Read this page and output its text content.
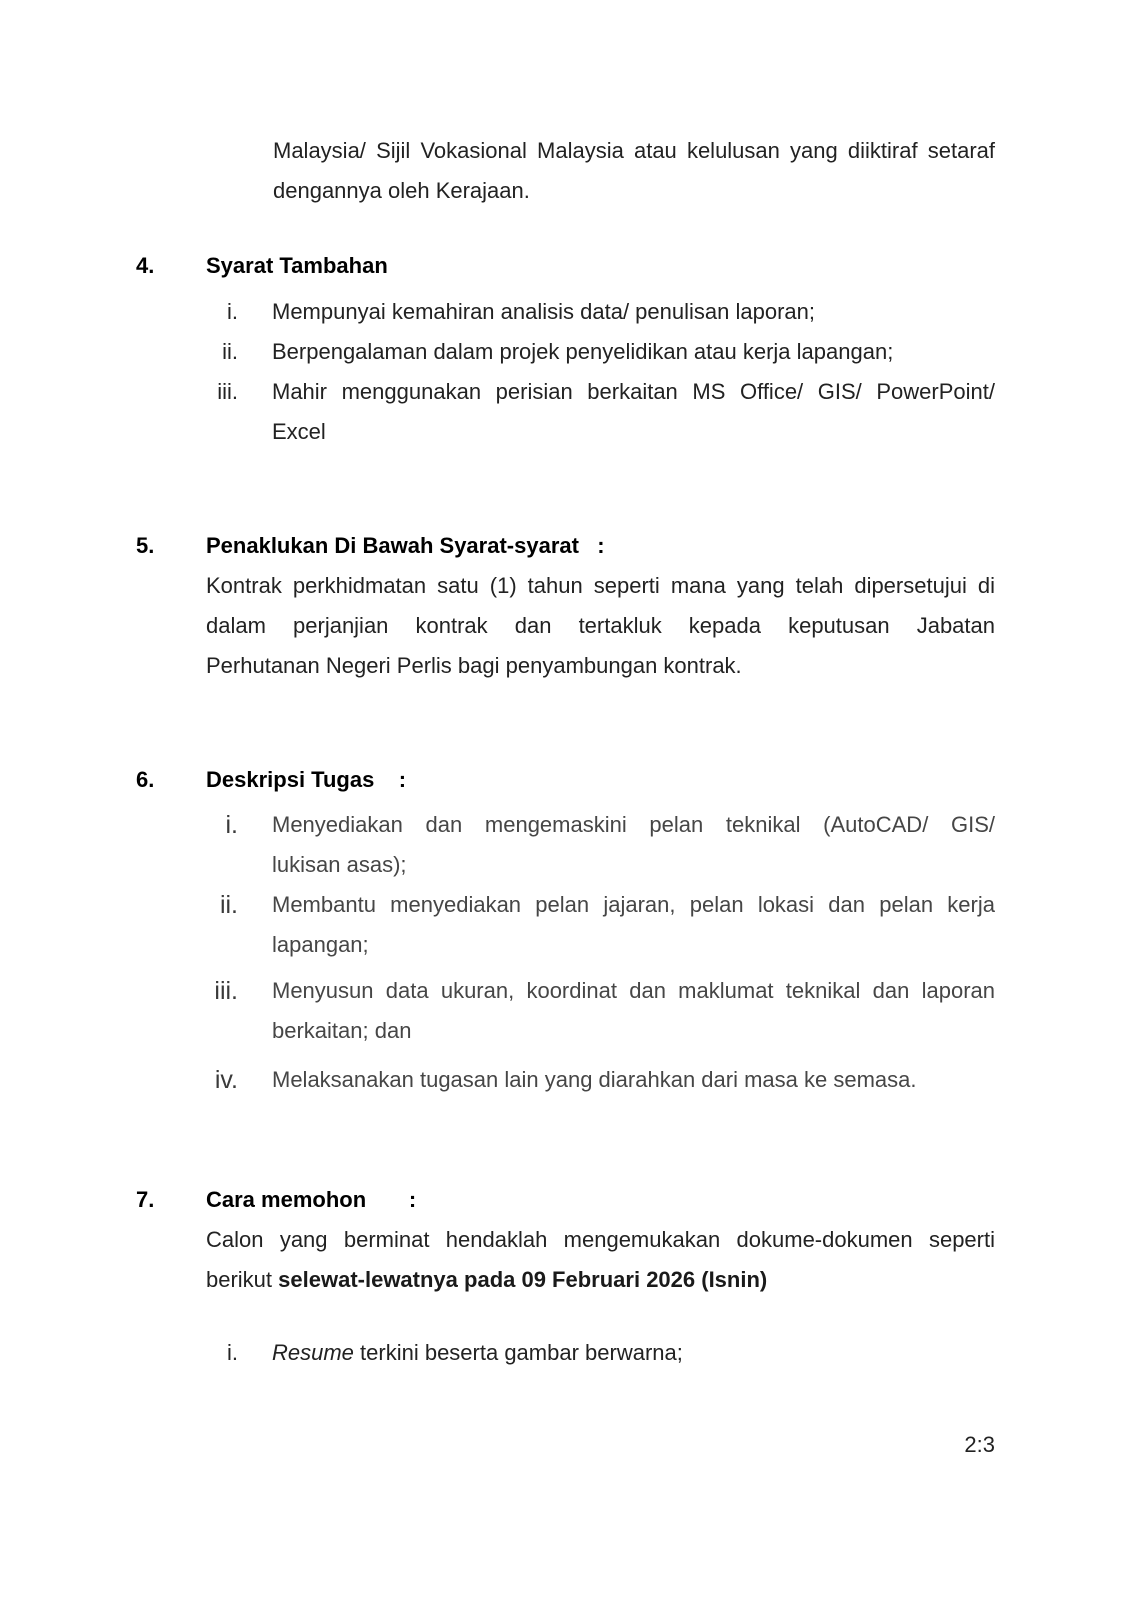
Malaysia/ Sijil Vokasional Malaysia atau kelulusan yang diiktiraf setaraf
dengannya oleh Kerajaan.
4.	Syarat Tambahan
i. Mempunyai kemahiran analisis data/ penulisan laporan;
ii. Berpengalaman dalam projek penyelidikan atau kerja lapangan;
iii. Mahir menggunakan perisian berkaitan MS Office/ GIS/ PowerPoint/
Excel
5.	Penaklukan Di Bawah Syarat-syarat   :
Kontrak perkhidmatan satu (1) tahun seperti mana yang telah dipersetujui di
dalam perjanjian kontrak dan tertakluk kepada keputusan Jabatan
Perhutanan Negeri Perlis bagi penyambungan kontrak.
6.	Deskripsi Tugas    :
i. Menyediakan dan mengemaskini pelan teknikal (AutoCAD/ GIS/
lukisan asas);
ii. Membantu menyediakan pelan jajaran, pelan lokasi dan pelan kerja
lapangan;
iii. Menyusun data ukuran, koordinat dan maklumat teknikal dan laporan
berkaitan; dan
iv. Melaksanakan tugasan lain yang diarahkan dari masa ke semasa.
7.	Cara memohon       :
Calon yang berminat hendaklah mengemukakan dokume-dokumen seperti
berikut selewat-lewatnya pada 09 Februari 2026 (Isnin)
i. Resume terkini beserta gambar berwarna;
2:3
